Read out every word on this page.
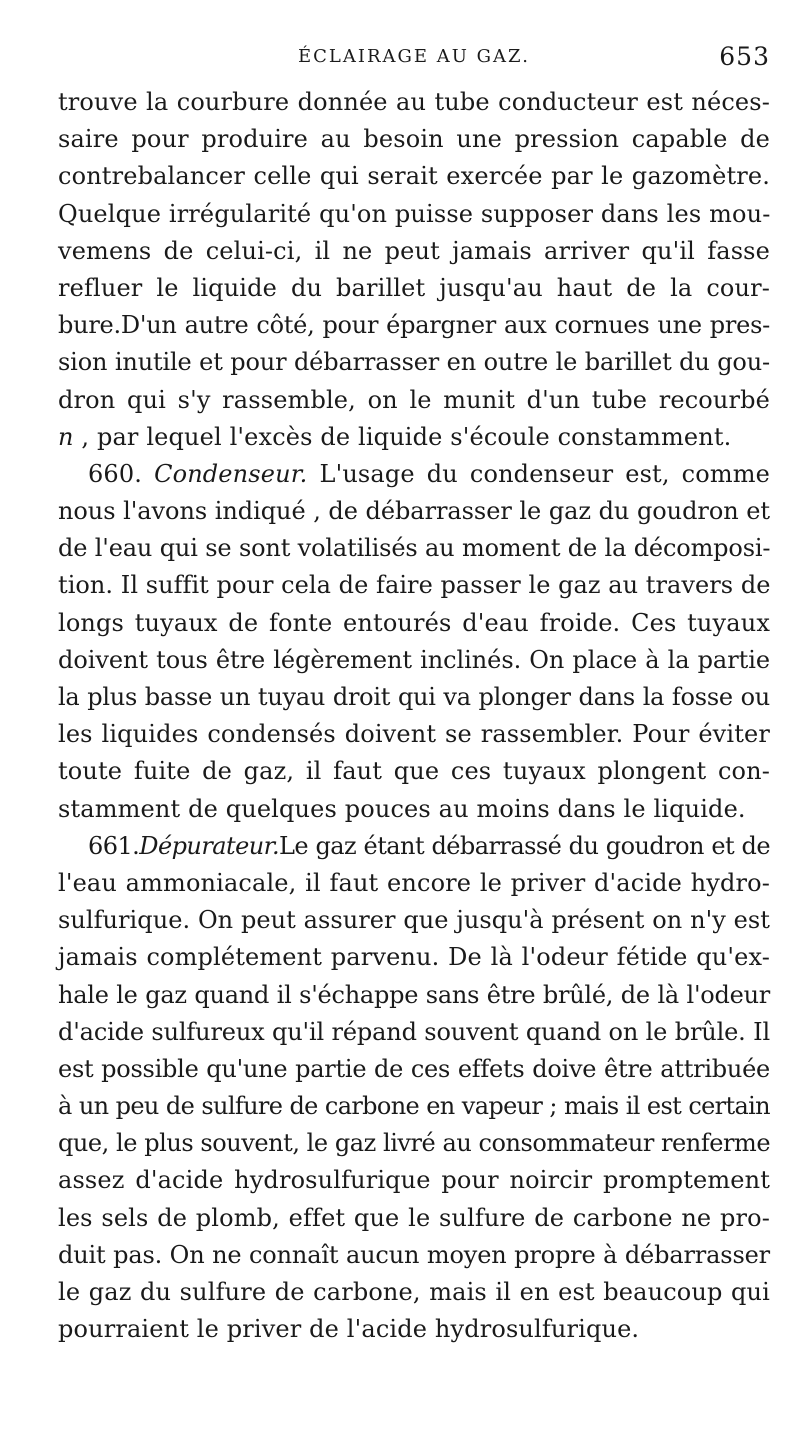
ÉCLAIRAGE AU GAZ.	653
trouve la courbure donnée au tube conducteur est néces-
saire pour produire au besoin une pression capable de
contrebalancer celle qui serait exercée par le gazomètre.
Quelque irrégularité qu'on puisse supposer dans les mou-
vemens de celui-ci, il ne peut jamais arriver qu'il fasse
refluer le liquide du barillet jusqu'au haut de la cour-
bure.D'un autre côté, pour épargner aux cornues une pres-
sion inutile et pour débarrasser en outre le barillet du gou-
dron qui s'y rassemble, on le munit d'un tube recourbé
n , par lequel l'excès de liquide s'écoule constamment.
660. Condenseur. L'usage du condenseur est, comme
nous l'avons indiqué , de débarrasser le gaz du goudron et
de l'eau qui se sont volatilisés au moment de la décomposi-
tion. Il suffit pour cela de faire passer le gaz au travers de
longs tuyaux de fonte entourés d'eau froide. Ces tuyaux
doivent tous être légèrement inclinés. On place à la partie
la plus basse un tuyau droit qui va plonger dans la fosse ou
les liquides condensés doivent se rassembler. Pour éviter
toute fuite de gaz, il faut que ces tuyaux plongent con-
stamment de quelques pouces au moins dans le liquide.
661.Dépurateur.Le gaz étant débarrassé du goudron et de
l'eau ammoniacale, il faut encore le priver d'acide hydro-
sulfurique. On peut assurer que jusqu'à présent on n'y est
jamais complétement parvenu. De là l'odeur fétide qu'ex-
hale le gaz quand il s'échappe sans être brûlé, de là l'odeur
d'acide sulfureux qu'il répand souvent quand on le brûle. Il
est possible qu'une partie de ces effets doive être attribuée
à un peu de sulfure de carbone en vapeur ; mais il est certain
que, le plus souvent, le gaz livré au consommateur renferme
assez d'acide hydrosulfurique pour noircir promptement
les sels de plomb, effet que le sulfure de carbone ne pro-
duit pas. On ne connaît aucun moyen propre à débarrasser
le gaz du sulfure de carbone, mais il en est beaucoup qui
pourraient le priver de l'acide hydrosulfurique.
